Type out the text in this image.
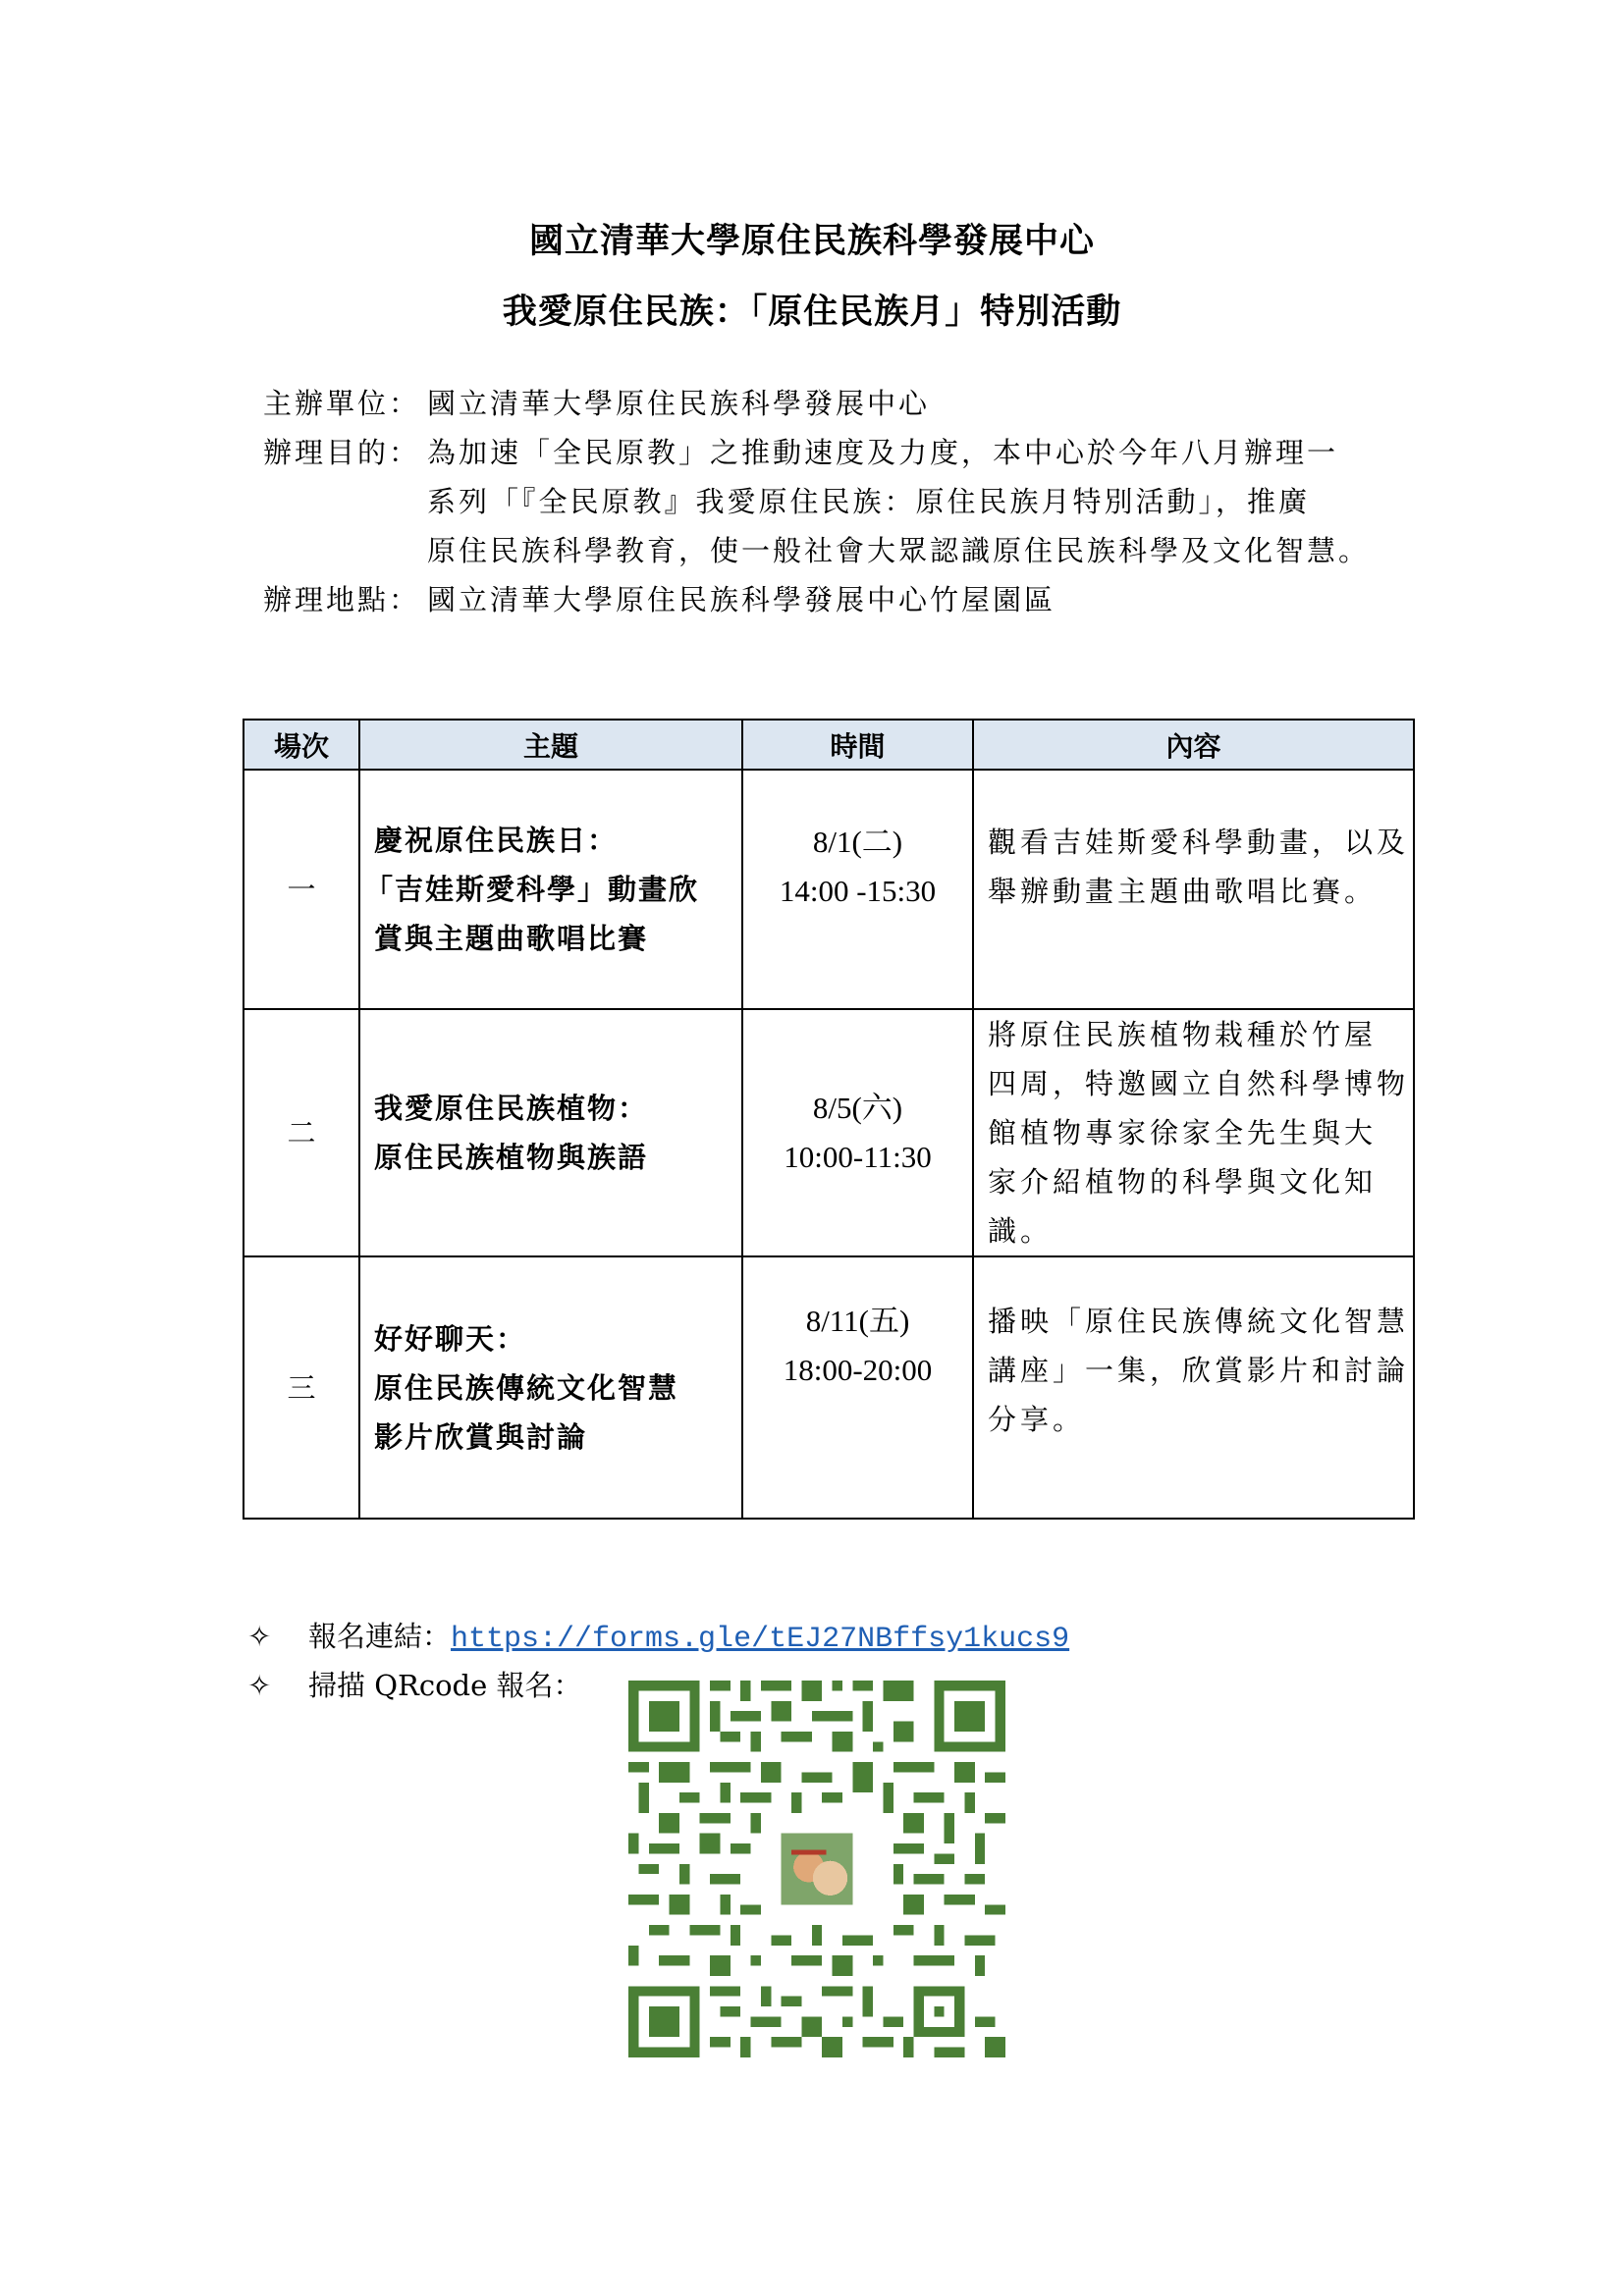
國立清華大學原住民族科學發展中心
我愛原住民族：「原住民族月」特別活動
主辦單位： 國立清華大學原住民族科學發展中心
辦理目的： 為加速「全民原教」之推動速度及力度，本中心於今年八月辦理一
系列「『全民原教』我愛原住民族：原住民族月特別活動」，推廣
原住民族科學教育，使一般社會大眾認識原住民族科學及文化智慧。
辦理地點： 國立清華大學原住民族科學發展中心竹屋園區
場次	主題	時間	內容
一	慶祝原住民族日：
「吉娃斯愛科學」動畫欣
賞與主題曲歌唱比賽	8/1(二)
14:00 -15:30	觀看吉娃斯愛科學動畫，以及
舉辦動畫主題曲歌唱比賽。

二	我愛原住民族植物：
原住民族植物與族語	8/5(六)
10:00-11:30	將原住民族植物栽種於竹屋
四周，特邀國立自然科學博物
館植物專家徐家全先生與大
家介紹植物的科學與文化知
識。

三	好好聊天：
原住民族傳統文化智慧
影片欣賞與討論	8/11(五)
18:00-20:00	播映「原住民族傳統文化智慧
講座」一集，欣賞影片和討論
分享。
✧ 報名連結：https://forms.gle/tEJ27NBffsy1kucs9
✧ 掃描 QRcode 報名：
